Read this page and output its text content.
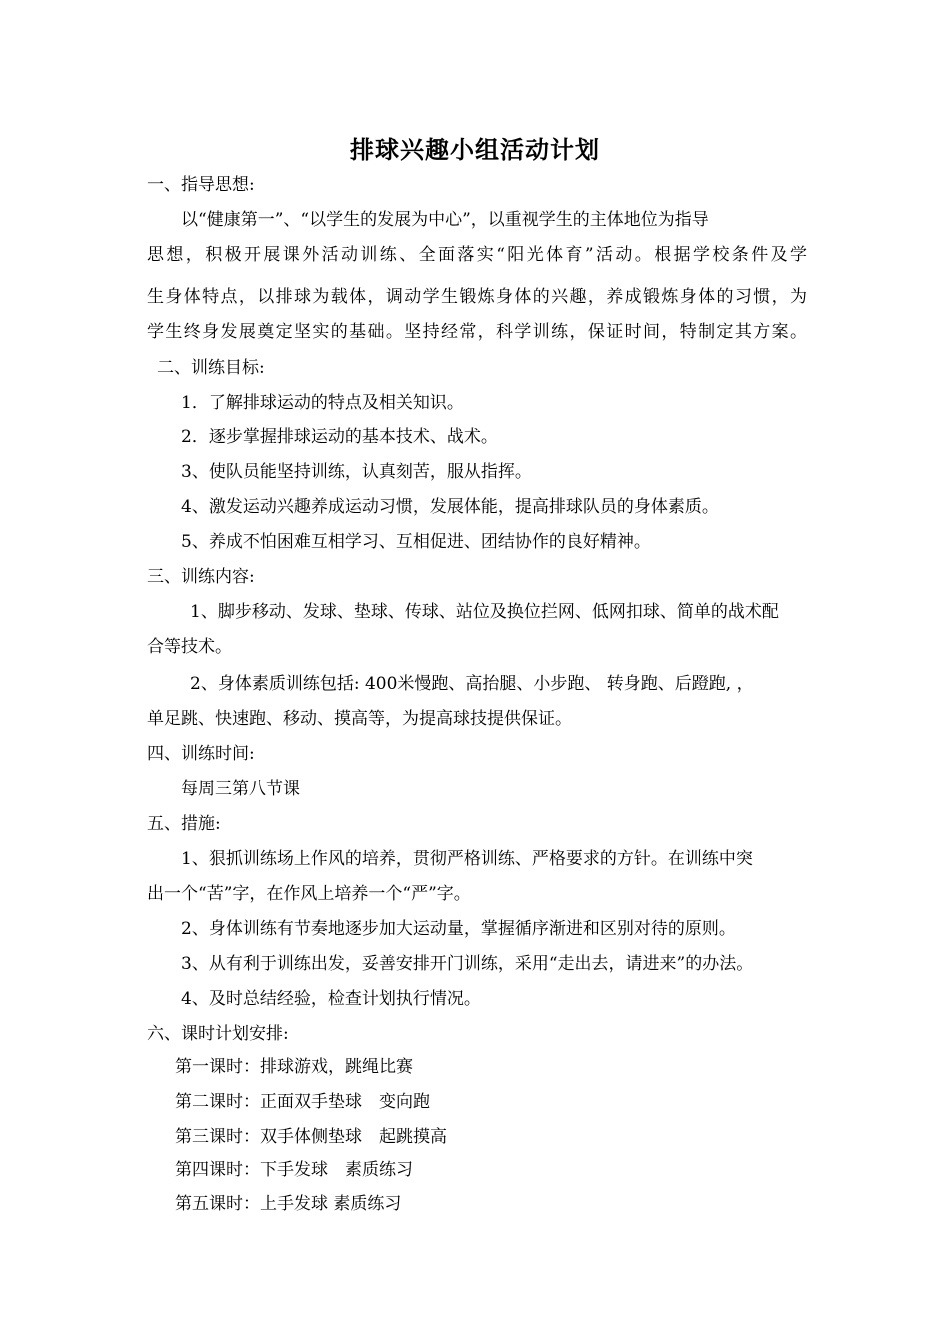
排球兴趣小组活动计划
一、指导思想:
以“健康第一”、“以学生的发展为中心”，以重视学生的主体地位为指导
思想，积极开展课外活动训练、全面落实“阳光体育”活动。根据学校条件及学
生身体特点，以排球为载体，调动学生锻炼身体的兴趣，养成锻炼身体的习惯，为
学生终身发展奠定坚实的基础。坚持经常，科学训练，保证时间，特制定其方案。
二、训练目标:
1．了解排球运动的特点及相关知识。
2．逐步掌握排球运动的基本技术、战术。
3、使队员能坚持训练，认真刻苦，服从指挥。
4、激发运动兴趣养成运动习惯，发展体能，提高排球队员的身体素质。
5、养成不怕困难互相学习、互相促进、团结协作的良好精神。
三、训练内容:
1、脚步移动、发球、垫球、传球、站位及换位拦网、低网扣球、简单的战术配
合等技术。
2、身体素质训练包括: 400米慢跑、高抬腿、小步跑、 转身跑、后蹬跑, ，
单足跳、快速跑、移动、摸高等，为提高球技提供保证。
四、训练时间:
每周三第八节课
五、措施:
1、狠抓训练场上作风的培养，贯彻严格训练、严格要求的方针。在训练中突
出一个“苦”字，在作风上培养一个“严”字。
2、身体训练有节奏地逐步加大运动量，掌握循序渐进和区别对待的原则。
3、从有利于训练出发，妥善安排开门训练，采用“走出去，请进来”的办法。
4、及时总结经验，检查计划执行情况。
六、课时计划安排:
第一课时：排球游戏，跳绳比赛
第二课时：正面双手垫球　变向跑
第三课时：双手体侧垫球　起跳摸高
第四课时：下手发球　素质练习
第五课时：上手发球 素质练习
